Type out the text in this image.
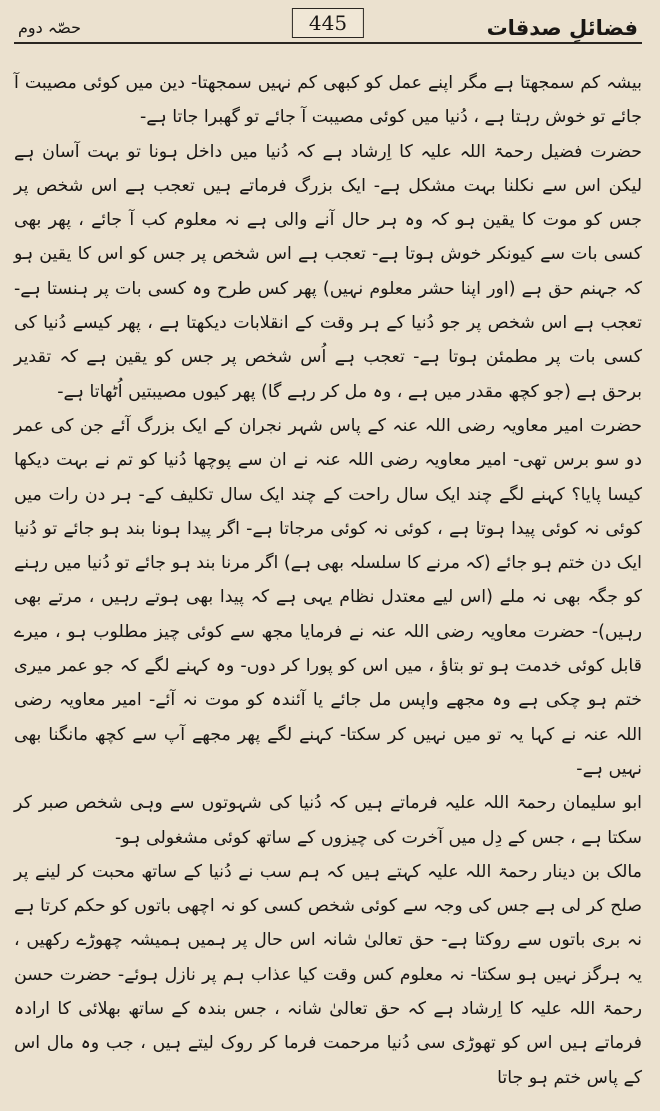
فضائلِ صدقات
445
حصّہ دوم

بیشہ کم سمجھتا ہے مگر اپنے عمل کو کبھی کم نہیں سمجھتا- دین میں کوئی مصیبت آ جائے تو خوش رہتا ہے ، دُنیا میں کوئی مصیبت آ جائے تو گھبرا جاتا ہے-

حضرت فضیل رحمۃ اللہ علیہ کا اِرشاد ہے کہ دُنیا میں داخل ہونا تو بہت آسان ہے لیکن اس سے نکلنا بہت مشکل ہے- ایک بزرگ فرماتے ہیں تعجب ہے اس شخص پر جس کو موت کا یقین ہو کہ وہ ہر حال آنے والی ہے نہ معلوم کب آ جائے ، پھر بھی کسی بات سے کیونکر خوش ہوتا ہے- تعجب ہے اس شخص پر جس کو اس کا یقین ہو کہ جہنم حق ہے (اور اپنا حشر معلوم نہیں) پھر کس طرح وہ کسی بات پر ہنستا ہے- تعجب ہے اس شخص پر جو دُنیا کے ہر وقت کے انقلابات دیکھتا ہے ، پھر کیسے دُنیا کی کسی بات پر مطمئن ہوتا ہے- تعجب ہے اُس شخص پر جس کو یقین ہے کہ تقدیر برحق ہے (جو کچھ مقدر میں ہے ، وہ مل کر رہے گا) پھر کیوں مصیبتیں اُٹھاتا ہے-

حضرت امیر معاویہ رضی اللہ عنہ کے پاس شہر نجران کے ایک بزرگ آئے جن کی عمر دو سو برس تھی- امیر معاویہ رضی اللہ عنہ نے ان سے پوچھا دُنیا کو تم نے بہت دیکھا کیسا پایا؟ کہنے لگے چند ایک سال راحت کے چند ایک سال تکلیف کے- ہر دن رات میں کوئی نہ کوئی پیدا ہوتا ہے ، کوئی نہ کوئی مرجاتا ہے- اگر پیدا ہونا بند ہو جائے تو دُنیا ایک دن ختم ہو جائے (کہ مرنے کا سلسلہ بھی ہے) اگر مرنا بند ہو جائے تو دُنیا میں رہنے کو جگہ بھی نہ ملے (اس لیے معتدل نظام یہی ہے کہ پیدا بھی ہوتے رہیں ، مرتے بھی رہیں)- حضرت معاویہ رضی اللہ عنہ نے فرمایا مجھ سے کوئی چیز مطلوب ہو ، میرے قابل کوئی خدمت ہو تو بتاؤ ، میں اس کو پورا کر دوں- وہ کہنے لگے کہ جو عمر میری ختم ہو چکی ہے وہ مجھے واپس مل جائے یا آئندہ کو موت نہ آئے- امیر معاویہ رضی اللہ عنہ نے کہا یہ تو میں نہیں کر سکتا- کہنے لگے پھر مجھے آپ سے کچھ مانگنا بھی نہیں ہے-

ابو سلیمان رحمۃ اللہ علیہ فرماتے ہیں کہ دُنیا کی شہوتوں سے وہی شخص صبر کر سکتا ہے ، جس کے دِل میں آخرت کی چیزوں کے ساتھ کوئی مشغولی ہو-

مالک بن دینار رحمۃ اللہ علیہ کہتے ہیں کہ ہم سب نے دُنیا کے ساتھ محبت کر لینے پر صلح کر لی ہے جس کی وجہ سے کوئی شخص کسی کو نہ اچھی باتوں کو حکم کرتا ہے نہ بری باتوں سے روکتا ہے- حق تعالیٰ شانہ اس حال پر ہمیں ہمیشہ چھوڑے رکھیں ، یہ ہرگز نہیں ہو سکتا- نہ معلوم کس وقت کیا عذاب ہم پر نازل ہوئے- حضرت حسن رحمۃ اللہ علیہ کا اِرشاد ہے کہ حق تعالیٰ شانہ ، جس بندہ کے ساتھ بھلائی کا ارادہ فرماتے ہیں اس کو تھوڑی سی دُنیا مرحمت فرما کر روک لیتے ہیں ، جب وہ مال اس کے پاس ختم ہو جاتا
